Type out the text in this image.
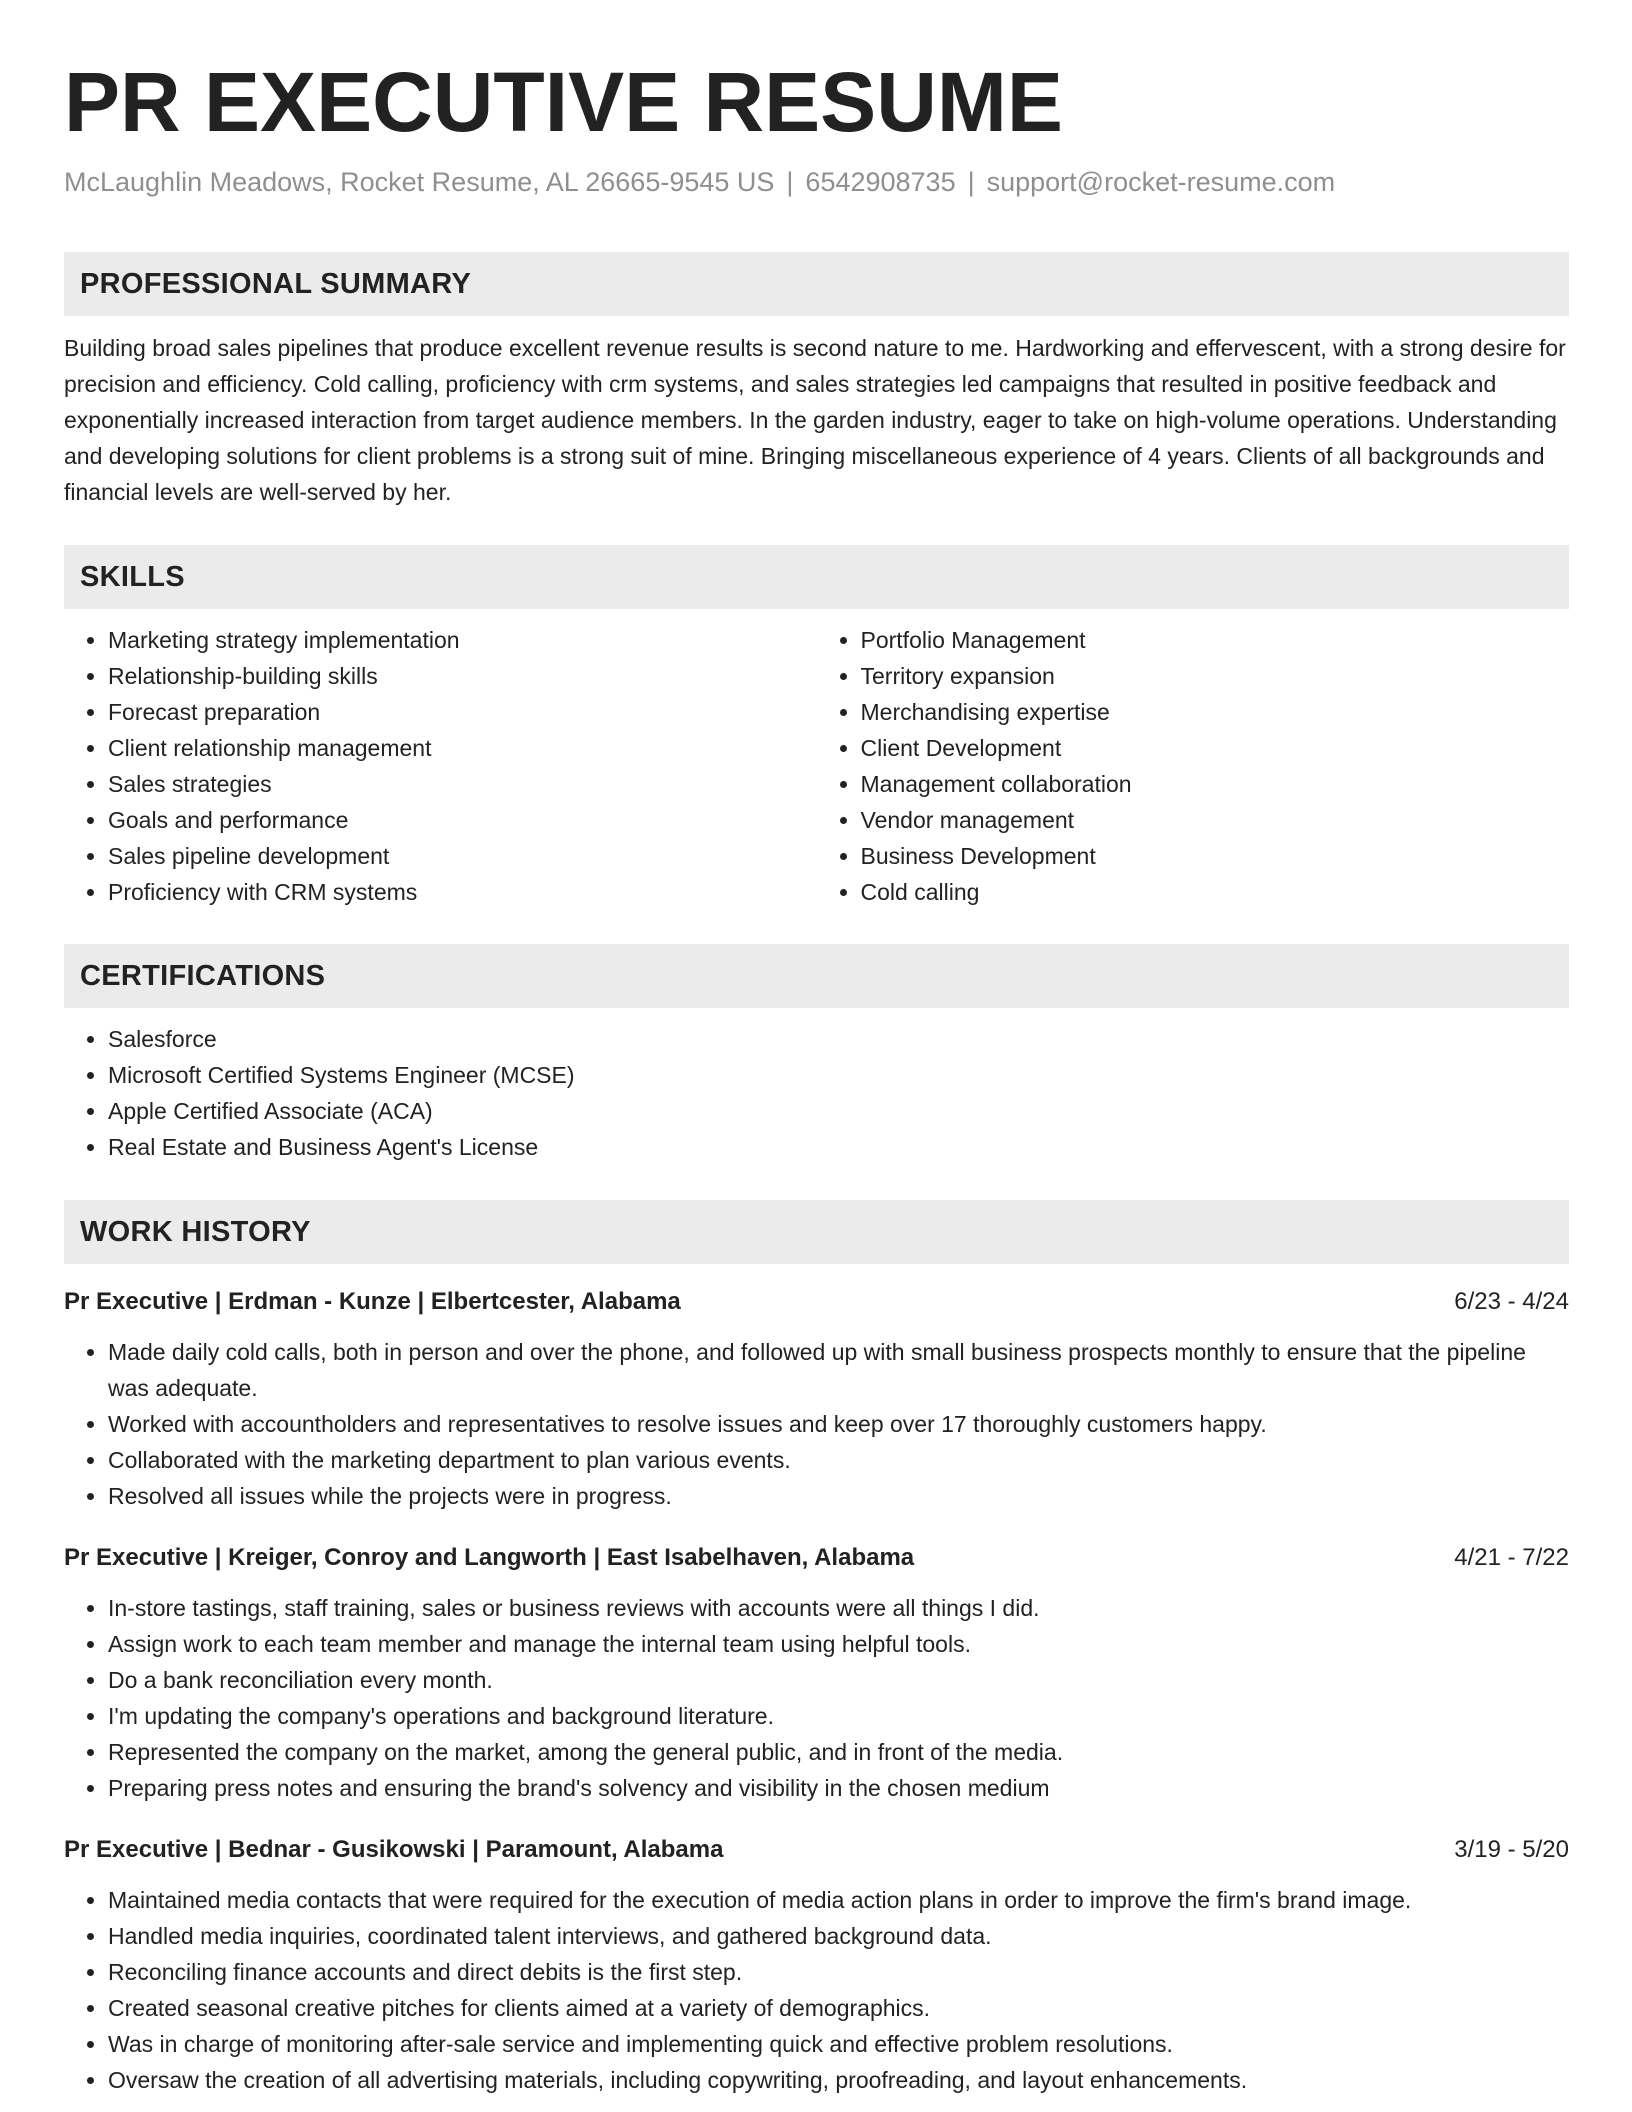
PR EXECUTIVE RESUME
McLaughlin Meadows, Rocket Resume, AL 26665-9545 US | 6542908735 | support@rocket-resume.com
PROFESSIONAL SUMMARY

Building broad sales pipelines that produce excellent revenue results is second nature to me. Hardworking and effervescent, with a strong desire for precision and efficiency. Cold calling, proficiency with crm systems, and sales strategies led campaigns that resulted in positive feedback and exponentially increased interaction from target audience members. In the garden industry, eager to take on high-volume operations. Understanding and developing solutions for client problems is a strong suit of mine. Bringing miscellaneous experience of 4 years. Clients of all backgrounds and financial levels are well-served by her.

SKILLS
• Marketing strategy implementation
• Relationship-building skills
• Forecast preparation
• Client relationship management
• Sales strategies
• Goals and performance
• Sales pipeline development
• Proficiency with CRM systems
• Portfolio Management
• Territory expansion
• Merchandising expertise
• Client Development
• Management collaboration
• Vendor management
• Business Development
• Cold calling
CERTIFICATIONS
• Salesforce
• Microsoft Certified Systems Engineer (MCSE)
• Apple Certified Associate (ACA)
• Real Estate and Business Agent's License
WORK HISTORY
Pr Executive | Erdman - Kunze | Elbertcester, Alabama	6/23 - 4/24
• Made daily cold calls, both in person and over the phone, and followed up with small business prospects monthly to ensure that the pipeline was adequate.
• Worked with accountholders and representatives to resolve issues and keep over 17 thoroughly customers happy.
• Collaborated with the marketing department to plan various events.
• Resolved all issues while the projects were in progress.
Pr Executive | Kreiger, Conroy and Langworth | East Isabelhaven, Alabama	4/21 - 7/22
• In-store tastings, staff training, sales or business reviews with accounts were all things I did.
• Assign work to each team member and manage the internal team using helpful tools.
• Do a bank reconciliation every month.
• I'm updating the company's operations and background literature.
• Represented the company on the market, among the general public, and in front of the media.
• Preparing press notes and ensuring the brand's solvency and visibility in the chosen medium
Pr Executive | Bednar - Gusikowski | Paramount, Alabama	3/19 - 5/20
• Maintained media contacts that were required for the execution of media action plans in order to improve the firm's brand image.
• Handled media inquiries, coordinated talent interviews, and gathered background data.
• Reconciling finance accounts and direct debits is the first step.
• Created seasonal creative pitches for clients aimed at a variety of demographics.
• Was in charge of monitoring after-sale service and implementing quick and effective problem resolutions.
• Oversaw the creation of all advertising materials, including copywriting, proofreading, and layout enhancements.
